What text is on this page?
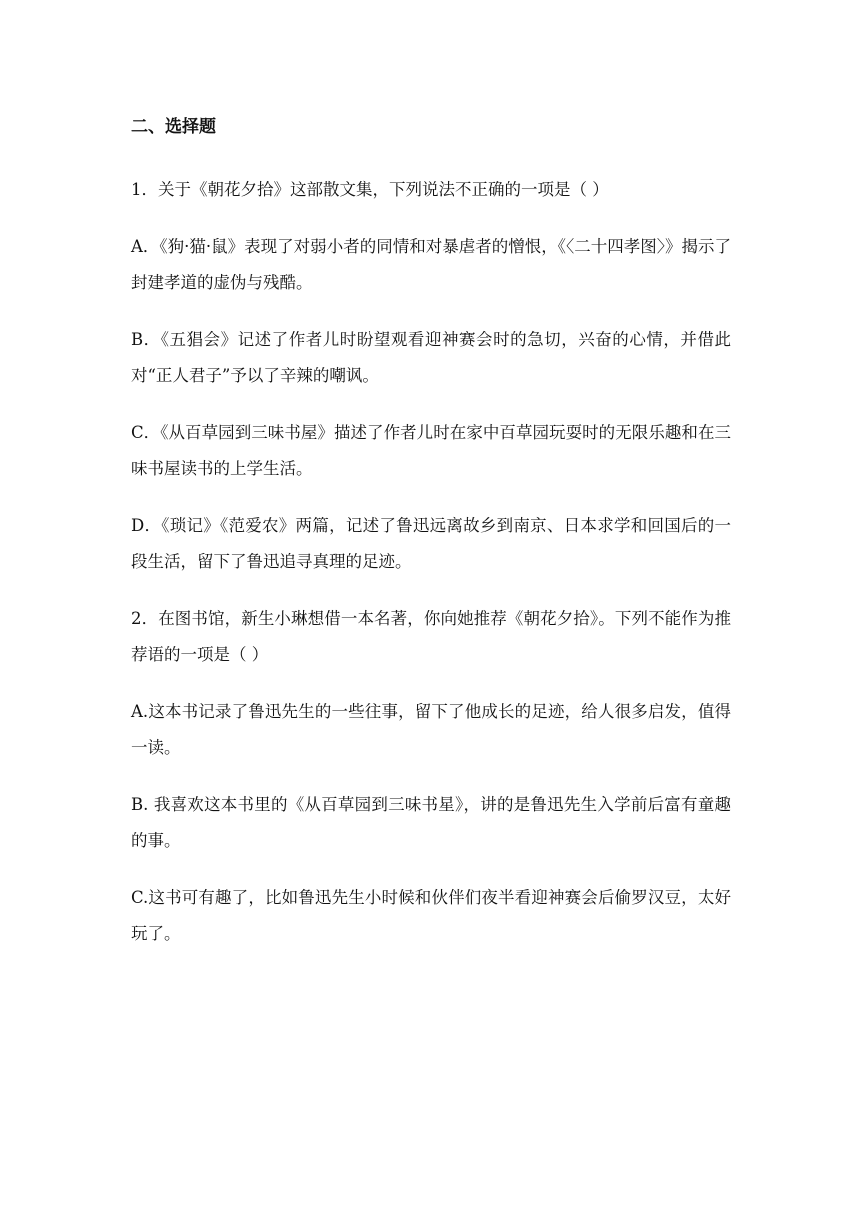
二、选择题

1．关于《朝花夕拾》这部散文集，下列说法不正确的一项是（ ）

A．《狗·猫·鼠》表现了对弱小者的同情和对暴虐者的憎恨，《〈二十四孝图〉》揭示了封建孝道的虚伪与残酷。

B．《五猖会》记述了作者儿时盼望观看迎神赛会时的急切，兴奋的心情，并借此对“正人君子”予以了辛辣的嘲讽。

C．《从百草园到三味书屋》描述了作者儿时在家中百草园玩耍时的无限乐趣和在三味书屋读书的上学生活。

D．《琐记》《范爱农》两篇，记述了鲁迅远离故乡到南京、日本求学和回国后的一段生活，留下了鲁迅追寻真理的足迹。

2．在图书馆，新生小琳想借一本名著，你向她推荐《朝花夕拾》。下列不能作为推荐语的一项是（ ）

A.这本书记录了鲁迅先生的一些往事，留下了他成长的足迹，给人很多启发，值得一读。

B. 我喜欢这本书里的《从百草园到三味书星》，讲的是鲁迅先生入学前后富有童趣的事。

C.这书可有趣了，比如鲁迅先生小时候和伙伴们夜半看迎神赛会后偷罗汉豆，太好玩了。
